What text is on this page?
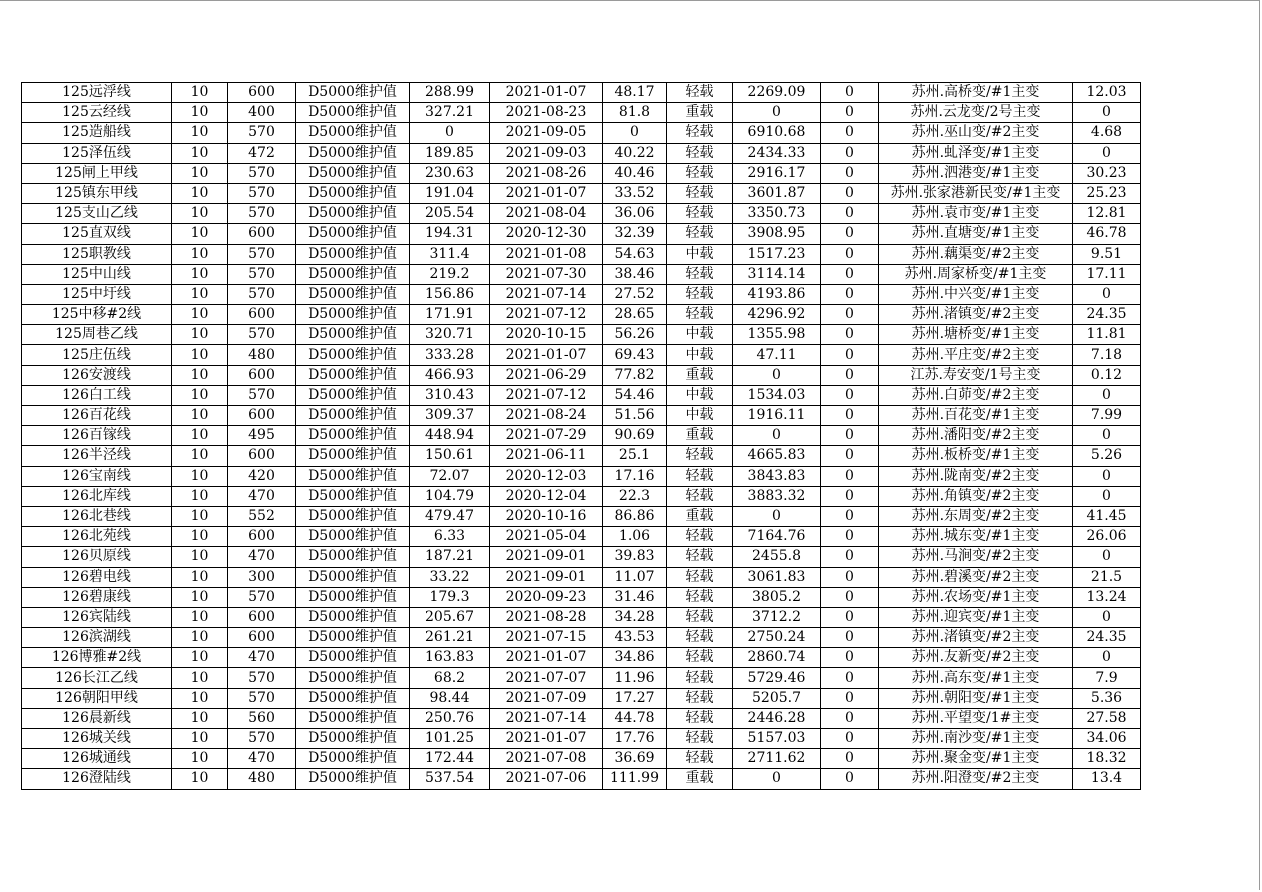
125远浮线	10	600	D5000维护值	288.99	2021-01-07	48.17	轻载	2269.09	0	苏州.高桥变/#1主变	12.03
125云经线	10	400	D5000维护值	327.21	2021-08-23	81.8	重载	0	0	苏州.云龙变/2号主变	0
125造船线	10	570	D5000维护值	0	2021-09-05	0	轻载	6910.68	0	苏州.巫山变/#2主变	4.68
125泽伍线	10	472	D5000维护值	189.85	2021-09-03	40.22	轻载	2434.33	0	苏州.虬泽变/#1主变	0
125闸上甲线	10	570	D5000维护值	230.63	2021-08-26	40.46	轻载	2916.17	0	苏州.泗港变/#1主变	30.23
125镇东甲线	10	570	D5000维护值	191.04	2021-01-07	33.52	轻载	3601.87	0	苏州.张家港新民变/#1主变	25.23
125支山乙线	10	570	D5000维护值	205.54	2021-08-04	36.06	轻载	3350.73	0	苏州.袁市变/#1主变	12.81
125直双线	10	600	D5000维护值	194.31	2020-12-30	32.39	轻载	3908.95	0	苏州.直塘变/#1主变	46.78
125职教线	10	570	D5000维护值	311.4	2021-01-08	54.63	中载	1517.23	0	苏州.藕渠变/#2主变	9.51
125中山线	10	570	D5000维护值	219.2	2021-07-30	38.46	轻载	3114.14	0	苏州.周家桥变/#1主变	17.11
125中圩线	10	570	D5000维护值	156.86	2021-07-14	27.52	轻载	4193.86	0	苏州.中兴变/#1主变	0
125中移#2线	10	600	D5000维护值	171.91	2021-07-12	28.65	轻载	4296.92	0	苏州.渚镇变/#2主变	24.35
125周巷乙线	10	570	D5000维护值	320.71	2020-10-15	56.26	中载	1355.98	0	苏州.塘桥变/#1主变	11.81
125庄伍线	10	480	D5000维护值	333.28	2021-01-07	69.43	中载	47.11	0	苏州.平庄变/#2主变	7.18
126安渡线	10	600	D5000维护值	466.93	2021-06-29	77.82	重载	0	0	江苏.寿安变/1号主变	0.12
126白工线	10	570	D5000维护值	310.43	2021-07-12	54.46	中载	1534.03	0	苏州.白茆变/#2主变	0
126百花线	10	600	D5000维护值	309.37	2021-08-24	51.56	中载	1916.11	0	苏州.百花变/#1主变	7.99
126百镓线	10	495	D5000维护值	448.94	2021-07-29	90.69	重载	0	0	苏州.潘阳变/#2主变	0
126半泾线	10	600	D5000维护值	150.61	2021-06-11	25.1	轻载	4665.83	0	苏州.板桥变/#1主变	5.26
126宝南线	10	420	D5000维护值	72.07	2020-12-03	17.16	轻载	3843.83	0	苏州.陇南变/#2主变	0
126北库线	10	470	D5000维护值	104.79	2020-12-04	22.3	轻载	3883.32	0	苏州.角镇变/#2主变	0
126北巷线	10	552	D5000维护值	479.47	2020-10-16	86.86	重载	0	0	苏州.东周变/#2主变	41.45
126北苑线	10	600	D5000维护值	6.33	2021-05-04	1.06	轻载	7164.76	0	苏州.城东变/#1主变	26.06
126贝原线	10	470	D5000维护值	187.21	2021-09-01	39.83	轻载	2455.8	0	苏州.马涧变/#2主变	0
126碧电线	10	300	D5000维护值	33.22	2021-09-01	11.07	轻载	3061.83	0	苏州.碧溪变/#2主变	21.5
126碧康线	10	570	D5000维护值	179.3	2020-09-23	31.46	轻载	3805.2	0	苏州.农场变/#1主变	13.24
126宾陆线	10	600	D5000维护值	205.67	2021-08-28	34.28	轻载	3712.2	0	苏州.迎宾变/#1主变	0
126滨湖线	10	600	D5000维护值	261.21	2021-07-15	43.53	轻载	2750.24	0	苏州.渚镇变/#2主变	24.35
126博雅#2线	10	470	D5000维护值	163.83	2021-01-07	34.86	轻载	2860.74	0	苏州.友新变/#2主变	0
126长江乙线	10	570	D5000维护值	68.2	2021-07-07	11.96	轻载	5729.46	0	苏州.高东变/#1主变	7.9
126朝阳甲线	10	570	D5000维护值	98.44	2021-07-09	17.27	轻载	5205.7	0	苏州.朝阳变/#1主变	5.36
126晨新线	10	560	D5000维护值	250.76	2021-07-14	44.78	轻载	2446.28	0	苏州.平望变/1#主变	27.58
126城关线	10	570	D5000维护值	101.25	2021-01-07	17.76	轻载	5157.03	0	苏州.南沙变/#1主变	34.06
126城通线	10	470	D5000维护值	172.44	2021-07-08	36.69	轻载	2711.62	0	苏州.聚金变/#1主变	18.32
126澄陆线	10	480	D5000维护值	537.54	2021-07-06	111.99	重载	0	0	苏州.阳澄变/#2主变	13.4
